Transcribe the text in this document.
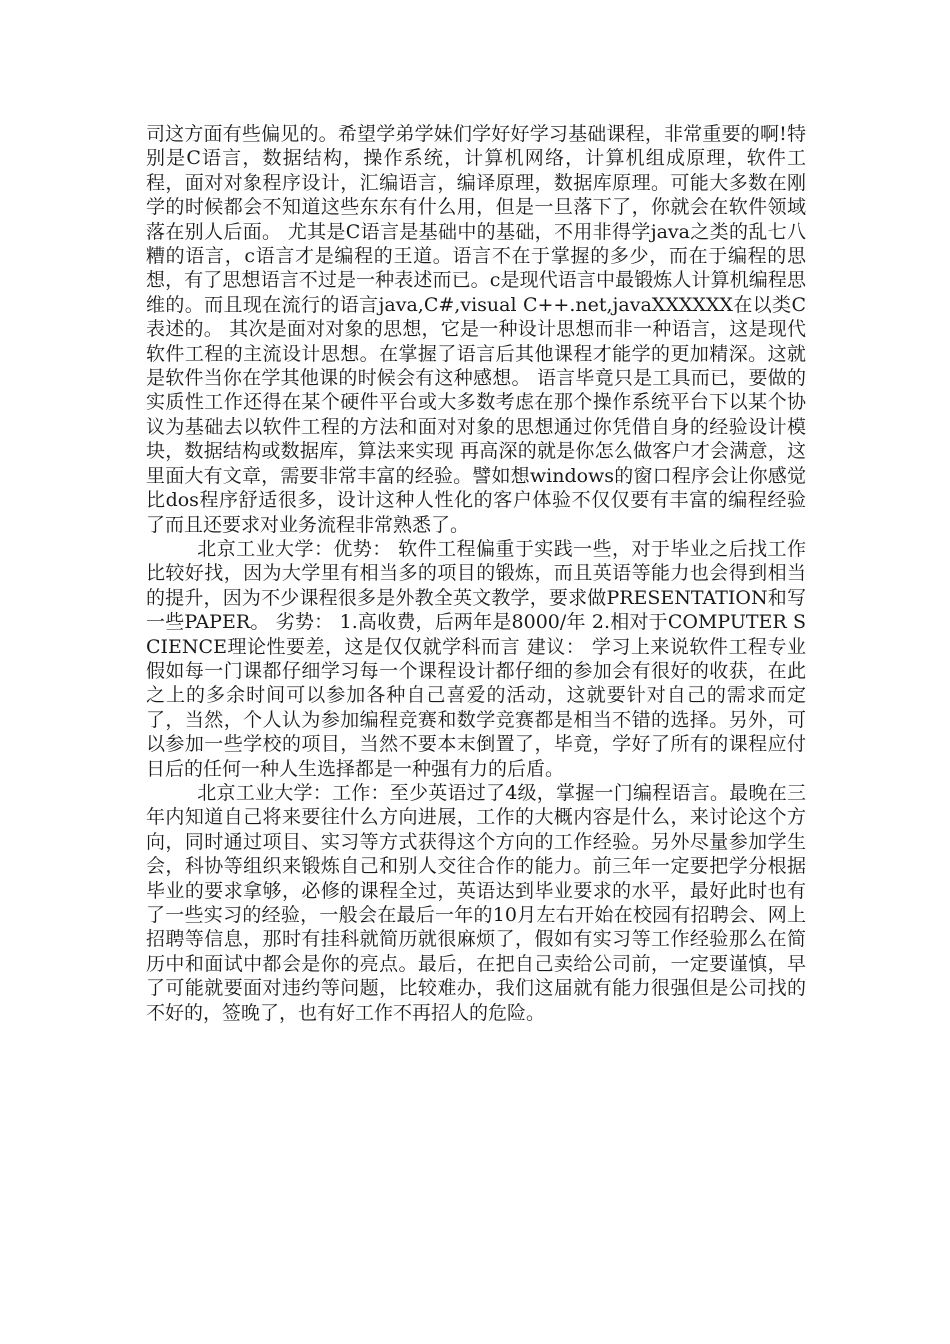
司这方面有些偏见的。希望学弟学妹们学好好学习基础课程，非常重要的啊!特别是C语言，数据结构，操作系统，计算机网络，计算机组成原理，软件工程，面对对象程序设计，汇编语言，编译原理，数据库原理。可能大多数在刚学的时候都会不知道这些东东有什么用，但是一旦落下了，你就会在软件领域落在别人后面。 尤其是C语言是基础中的基础，不用非得学java之类的乱七八糟的语言，c语言才是编程的王道。语言不在于掌握的多少，而在于编程的思想，有了思想语言不过是一种表述而已。c是现代语言中最锻炼人计算机编程思维的。而且现在流行的语言java,C#,visual C++.net,javaXXXXXX在以类C表述的。 其次是面对对象的思想，它是一种设计思想而非一种语言，这是现代软件工程的主流设计思想。在掌握了语言后其他课程才能学的更加精深。这就是软件当你在学其他课的时候会有这种感想。 语言毕竟只是工具而已，要做的实质性工作还得在某个硬件平台或大多数考虑在那个操作系统平台下以某个协议为基础去以软件工程的方法和面对对象的思想通过你凭借自身的经验设计模块，数据结构或数据库，算法来实现 再高深的就是你怎么做客户才会满意，这里面大有文章，需要非常丰富的经验。譬如想windows的窗口程序会让你感觉比dos程序舒适很多，设计这种人性化的客户体验不仅仅要有丰富的编程经验了而且还要求对业务流程非常熟悉了。

北京工业大学：优势： 软件工程偏重于实践一些，对于毕业之后找工作比较好找，因为大学里有相当多的项目的锻炼，而且英语等能力也会得到相当的提升，因为不少课程很多是外教全英文教学，要求做PRESENTATION和写一些PAPER。 劣势： 1.高收费，后两年是8000/年 2.相对于COMPUTER SCIENCE理论性要差，这是仅仅就学科而言 建议： 学习上来说软件工程专业假如每一门课都仔细学习每一个课程设计都仔细的参加会有很好的收获，在此之上的多余时间可以参加各种自己喜爱的活动，这就要针对自己的需求而定了，当然，个人认为参加编程竞赛和数学竞赛都是相当不错的选择。另外，可以参加一些学校的项目，当然不要本末倒置了，毕竟，学好了所有的课程应付日后的任何一种人生选择都是一种强有力的后盾。

北京工业大学：工作：至少英语过了4级，掌握一门编程语言。最晚在三年内知道自己将来要往什么方向进展，工作的大概内容是什么，来讨论这个方向，同时通过项目、实习等方式获得这个方向的工作经验。另外尽量参加学生会，科协等组织来锻炼自己和别人交往合作的能力。前三年一定要把学分根据毕业的要求拿够，必修的课程全过，英语达到毕业要求的水平，最好此时也有了一些实习的经验，一般会在最后一年的10月左右开始在校园有招聘会、网上招聘等信息，那时有挂科就简历就很麻烦了，假如有实习等工作经验那么在简历中和面试中都会是你的亮点。最后，在把自己卖给公司前，一定要谨慎，早了可能就要面对违约等问题，比较难办，我们这届就有能力很强但是公司找的不好的，签晚了，也有好工作不再招人的危险。
